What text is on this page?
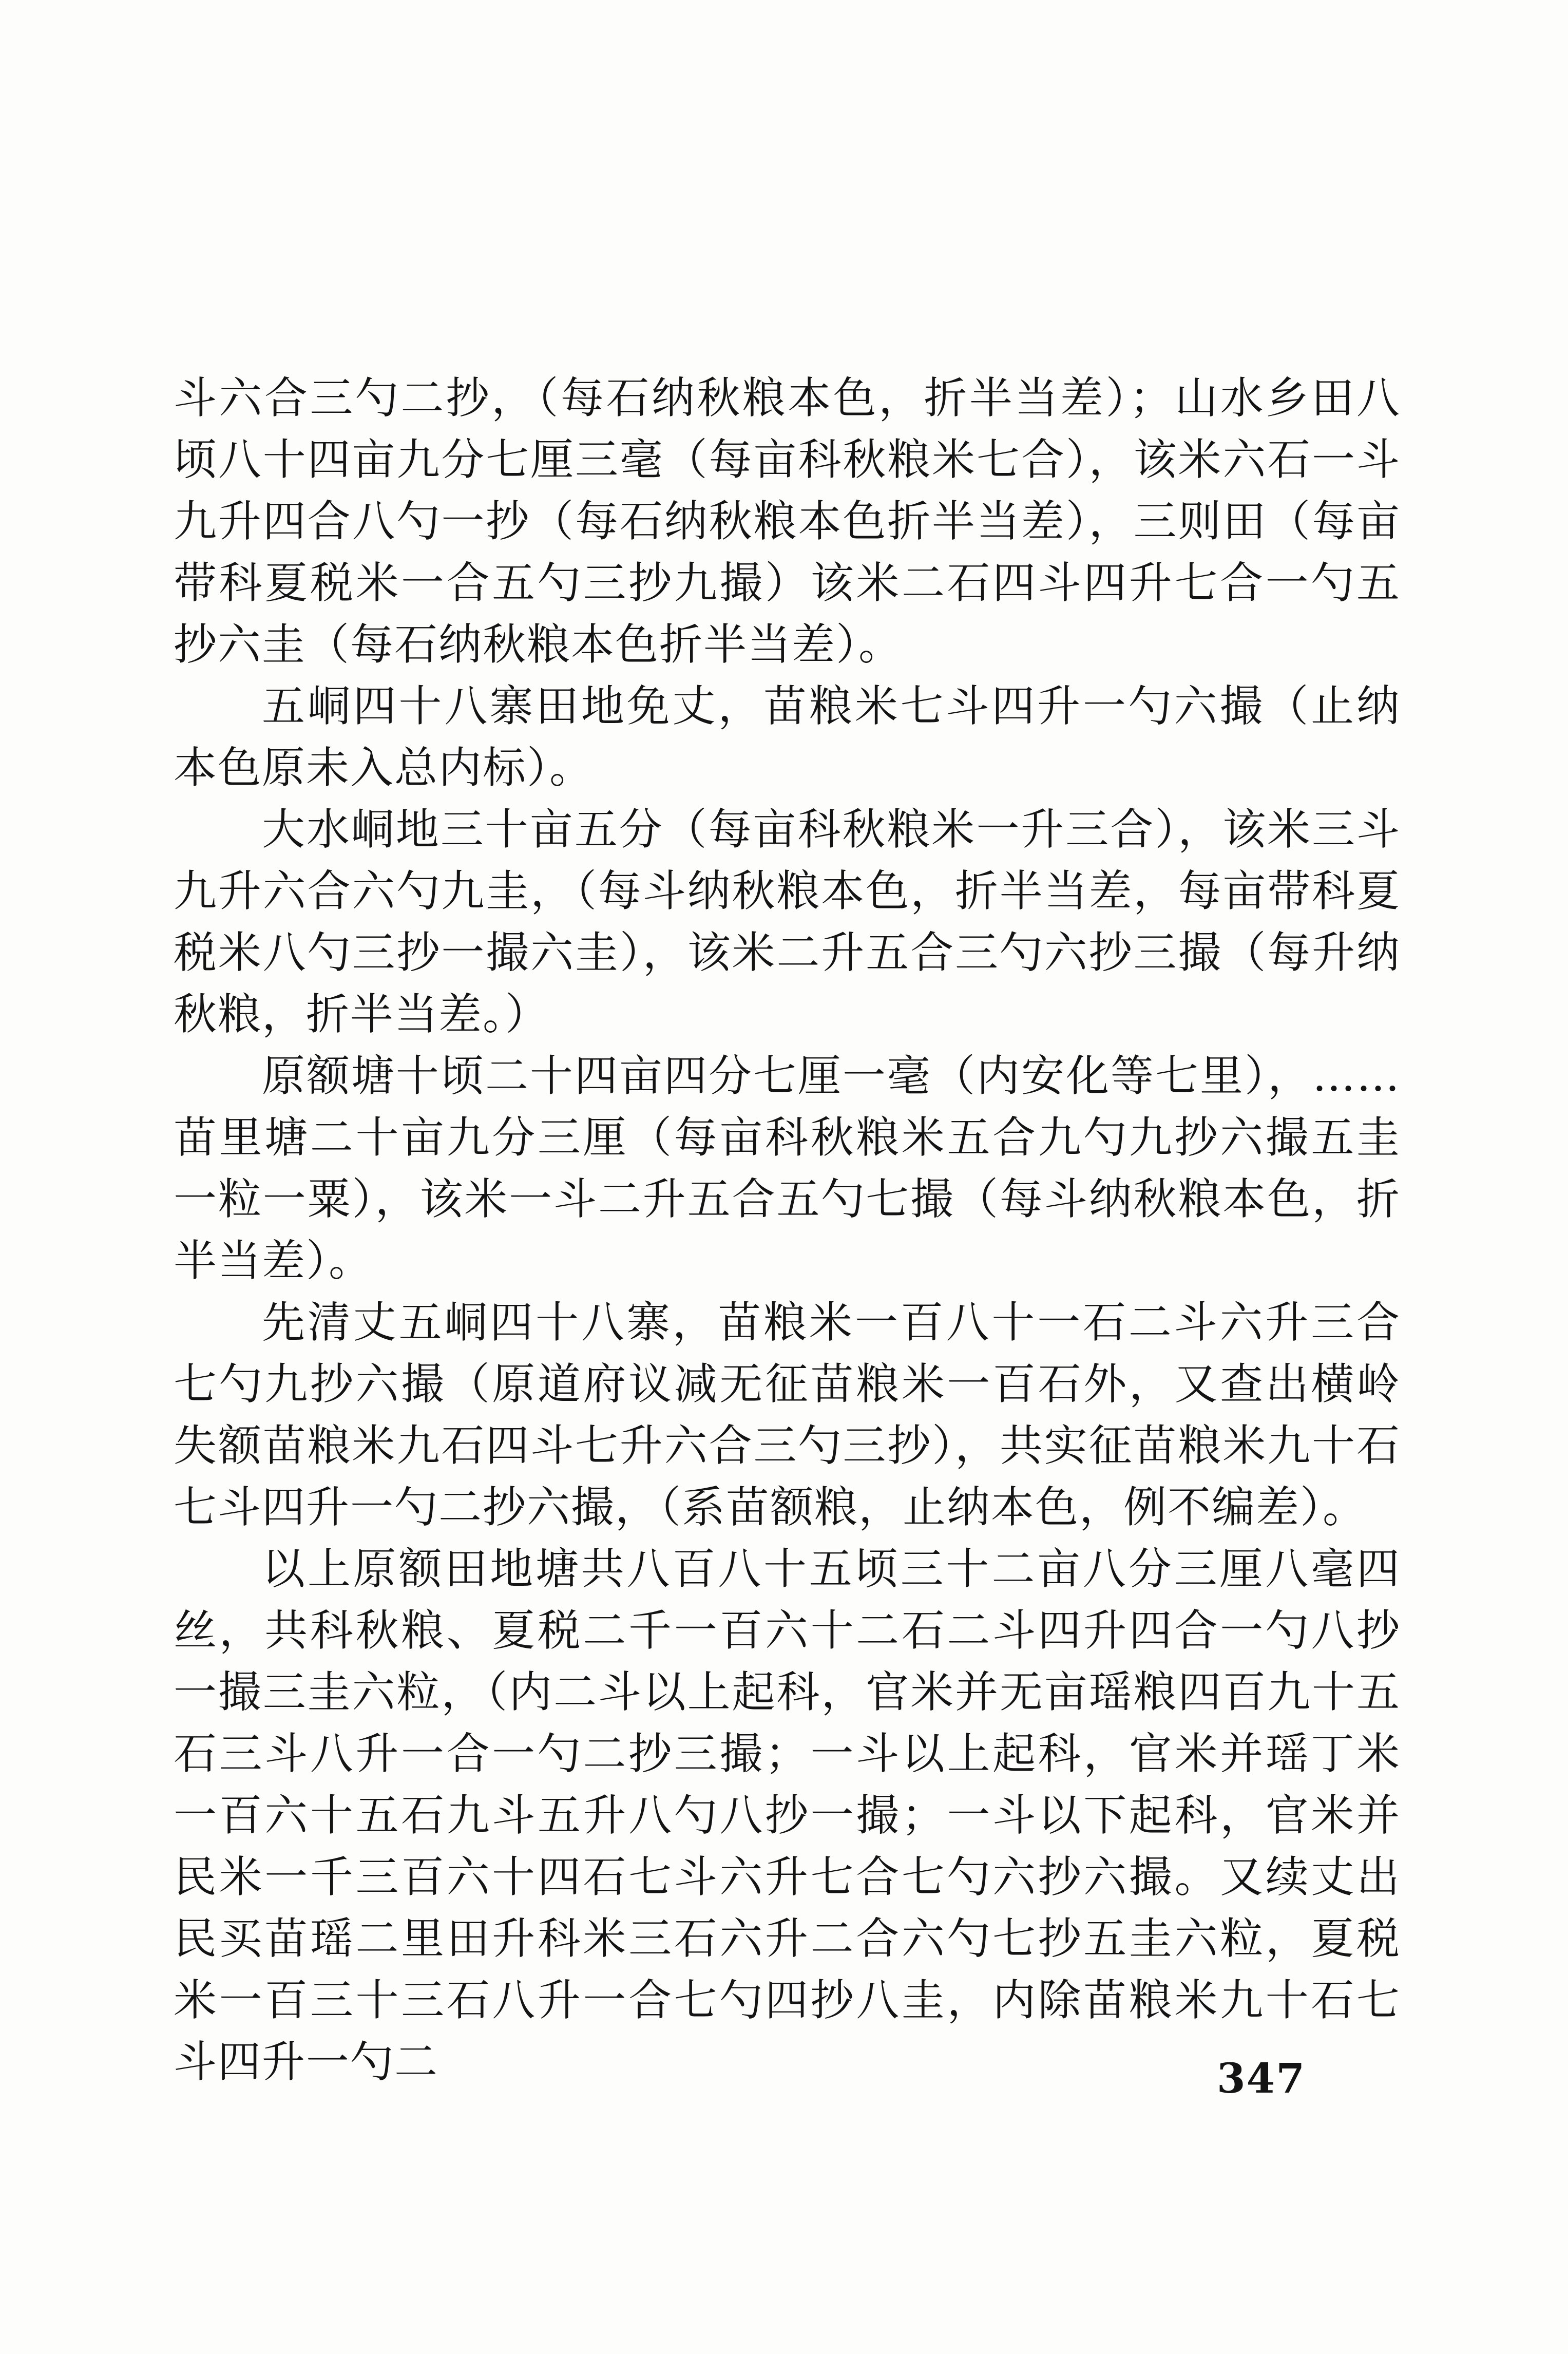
斗六合三勺二抄，（每石纳秋粮本色，折半当差）；山水乡田八顷八十四亩九分七厘三毫（每亩科秋粮米七合），该米六石一斗九升四合八勺一抄（每石纳秋粮本色折半当差），三则田（每亩带科夏税米一合五勺三抄九撮）该米二石四斗四升七合一勺五抄六圭（每石纳秋粮本色折半当差）。

五峒四十八寨田地免丈，苗粮米七斗四升一勺六撮（止纳本色原未入总内标）。

大水峒地三十亩五分（每亩科秋粮米一升三合），该米三斗九升六合六勺九圭，（每斗纳秋粮本色，折半当差，每亩带科夏税米八勺三抄一撮六圭），该米二升五合三勺六抄三撮（每升纳秋粮，折半当差。）

原额塘十顷二十四亩四分七厘一毫（内安化等七里），……苗里塘二十亩九分三厘（每亩科秋粮米五合九勺九抄六撮五圭一粒一粟），该米一斗二升五合五勺七撮（每斗纳秋粮本色，折半当差）。

先清丈五峒四十八寨，苗粮米一百八十一石二斗六升三合七勺九抄六撮（原道府议减无征苗粮米一百石外，又查出横岭失额苗粮米九石四斗七升六合三勺三抄），共实征苗粮米九十石七斗四升一勺二抄六撮，（系苗额粮，止纳本色，例不编差）。

以上原额田地塘共八百八十五顷三十二亩八分三厘八毫四丝，共科秋粮、夏税二千一百六十二石二斗四升四合一勺八抄一撮三圭六粒，（内二斗以上起科，官米并无亩瑶粮四百九十五石三斗八升一合一勺二抄三撮；一斗以上起科，官米并瑶丁米一百六十五石九斗五升八勺八抄一撮；一斗以下起科，官米并民米一千三百六十四石七斗六升七合七勺六抄六撮。又续丈出民买苗瑶二里田升科米三石六升二合六勺七抄五圭六粒，夏税米一百三十三石八升一合七勺四抄八圭，内除苗粮米九十石七斗四升一勺二	347
